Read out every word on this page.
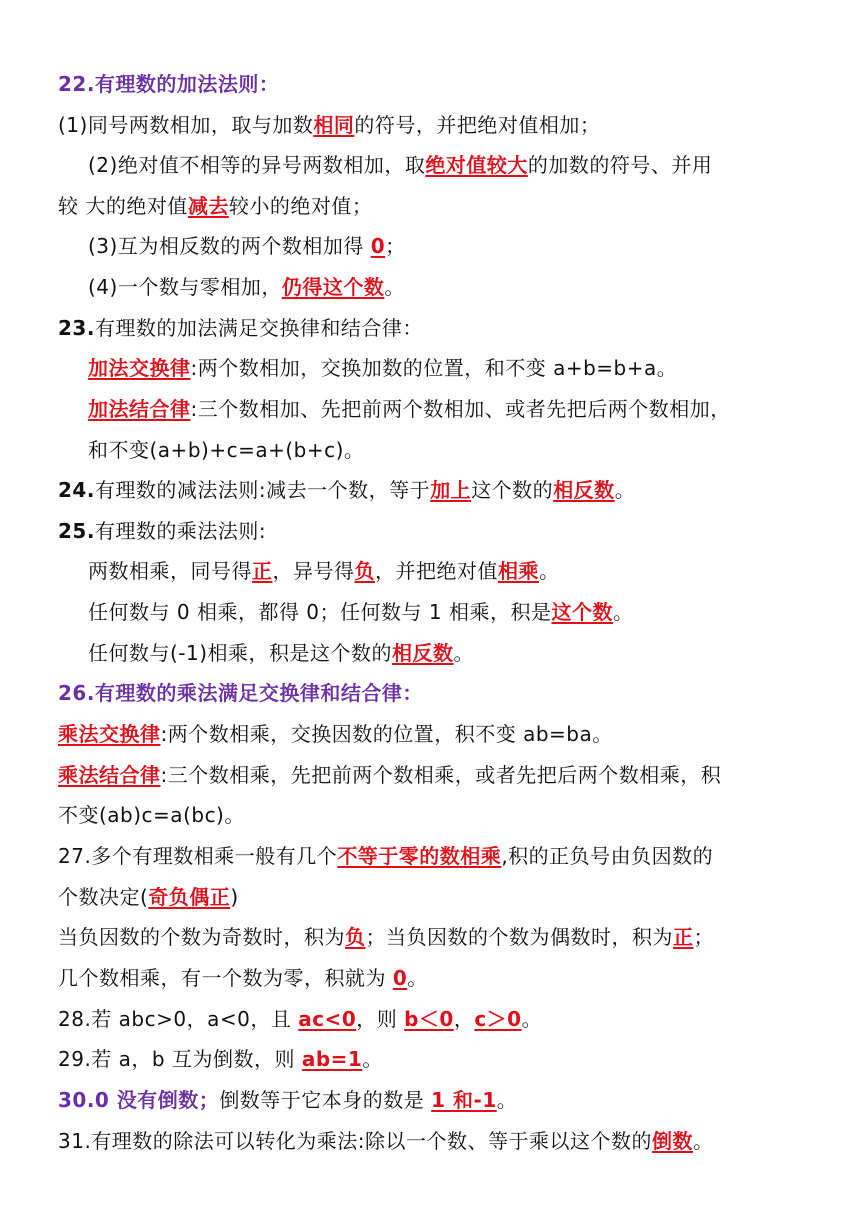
22.有理数的加法法则：
(1)同号两数相加，取与加数相同的符号，并把绝对值相加；
(2)绝对值不相等的异号两数相加，取绝对值较大的加数的符号、并用
较 大的绝对值减去较小的绝对值；
(3)互为相反数的两个数相加得 0；
(4)一个数与零相加，仍得这个数。
23.有理数的加法满足交换律和结合律：
加法交换律:两个数相加，交换加数的位置，和不变 a+b=b+a。
加法结合律:三个数相加、先把前两个数相加、或者先把后两个数相加，
和不变(a+b)+c=a+(b+c)。
24.有理数的减法法则:减去一个数，等于加上这个数的相反数。
25.有理数的乘法法则:
两数相乘，同号得正，异号得负，并把绝对值相乘。
任何数与 0 相乘，都得 0；任何数与 1 相乘，积是这个数。
任何数与(-1)相乘，积是这个数的相反数。
26.有理数的乘法满足交换律和结合律：
乘法交换律:两个数相乘，交换因数的位置，积不变 ab=ba。
乘法结合律:三个数相乘，先把前两个数相乘，或者先把后两个数相乘，积
不变(ab)c=a(bc)。
27.多个有理数相乘一般有几个不等于零的数相乘,积的正负号由负因数的
个数决定(奇负偶正)
当负因数的个数为奇数时，积为负；当负因数的个数为偶数时，积为正；
几个数相乘，有一个数为零，积就为 0。
28.若 abc>0，a<0，且 ac<0，则 b＜0，c＞0。
29.若 a，b 互为倒数，则 ab=1。
30.0 没有倒数；倒数等于它本身的数是 1 和-1。
31.有理数的除法可以转化为乘法:除以一个数、等于乘以这个数的倒数。
